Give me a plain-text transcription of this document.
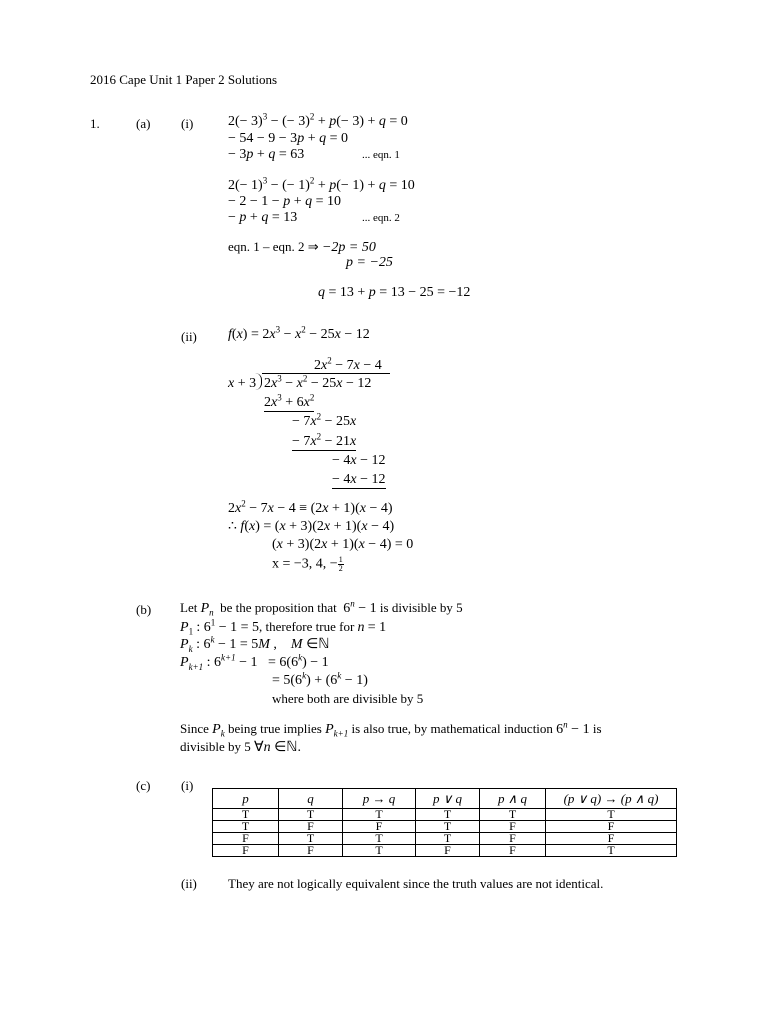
2016 Cape Unit 1 Paper 2 Solutions
1.	(a) (i) $2(- 3)^3$ − (− 3)$^2$ + p(− 3) + q = 0
− 54 − 9 − 3p + q = 0
− 3p + q = 63	... eqn. 1
$2(- 1)^3$ − (− 1)$^2$ + p(− 1) + q = 10
− 2 − 1 − p + q = 10
− p + q = 13	... eqn. 2
eqn. 1 – eqn. 2 ⇒ −2p = 50
p = −25
q = 13 + p = 13 − 25 = −12
(ii) $f(x) = 2x^3 - x^2 - 25x - 12$
$2x^2 - 7x - 4$
x + 3 $2x^3 - x^2 - 25x - 12$
$2x^3 + 6x^2$
− $7x^2 - 25x$
− $7x^2 - 21x$
− 4x − 12
− 4x − 12
$2x^2 - 7x - 4 \equiv (2x + 1)(x - 4)$
∴ f(x) = (x + 3)(2x + 1)(x − 4)
(x + 3)(2x + 1)(x − 4) = 0
x = −3, 4, − $\frac{1}{2}$
(b) Let $P_n$ be the proposition that $6^n - 1$ is divisible by 5
$P_1$ : $6^1 - 1 = 5$, therefore true for n = 1
$P_k$ : $6^k - 1 = 5M$ ,    M ∈ℕ
$P_{k+1}$ : $6^{k+1} - 1 = 6(6^k) - 1$
= $5(6^k) + (6^k - 1)$
where both are divisible by 5
Since $P_k$ being true implies $P_{k+1}$ is also true, by mathematical induction $6^n - 1$ is
divisible by 5 ∀n ∈ℕ.
(c) (i)
p	q	p → q	p ∨ q	p ∧ q	(p ∨ q) → (p ∧ q)
T	T	T	T	T	T
T	F	F	T	F	F
F	T	T	T	F	F
F	F	T	F	F	T
(ii) They are not logically equivalent since the truth values are not identical.
